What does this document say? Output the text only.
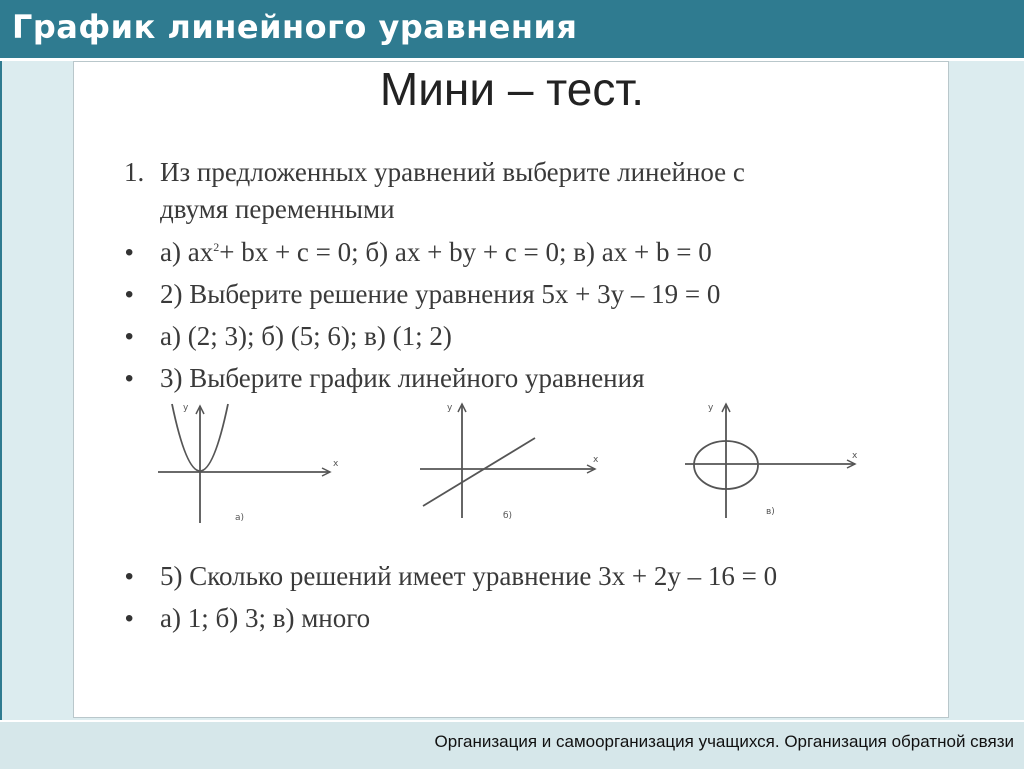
График линейного уравнения
Мини – тест.
1. Из предложенных уравнений выберите линейное с
двумя переменными
• а) $ax^2+$ bx + c = 0; б) ax + by + c = 0; в) ax + b = 0
• 2) Выберите решение уравнения 5х + 3у – 19 = 0
• а) (2; 3); б) (5; 6); в) (1; 2)
• 3) Выберите график линейного уравнения
x
y
а)
x
y
б)
x
y
в)
• 5) Сколько решений имеет уравнение 3х + 2у – 16 = 0
• а) 1; б) 3; в) много
Организация и самоорганизация учащихся. Организация обратной связи
